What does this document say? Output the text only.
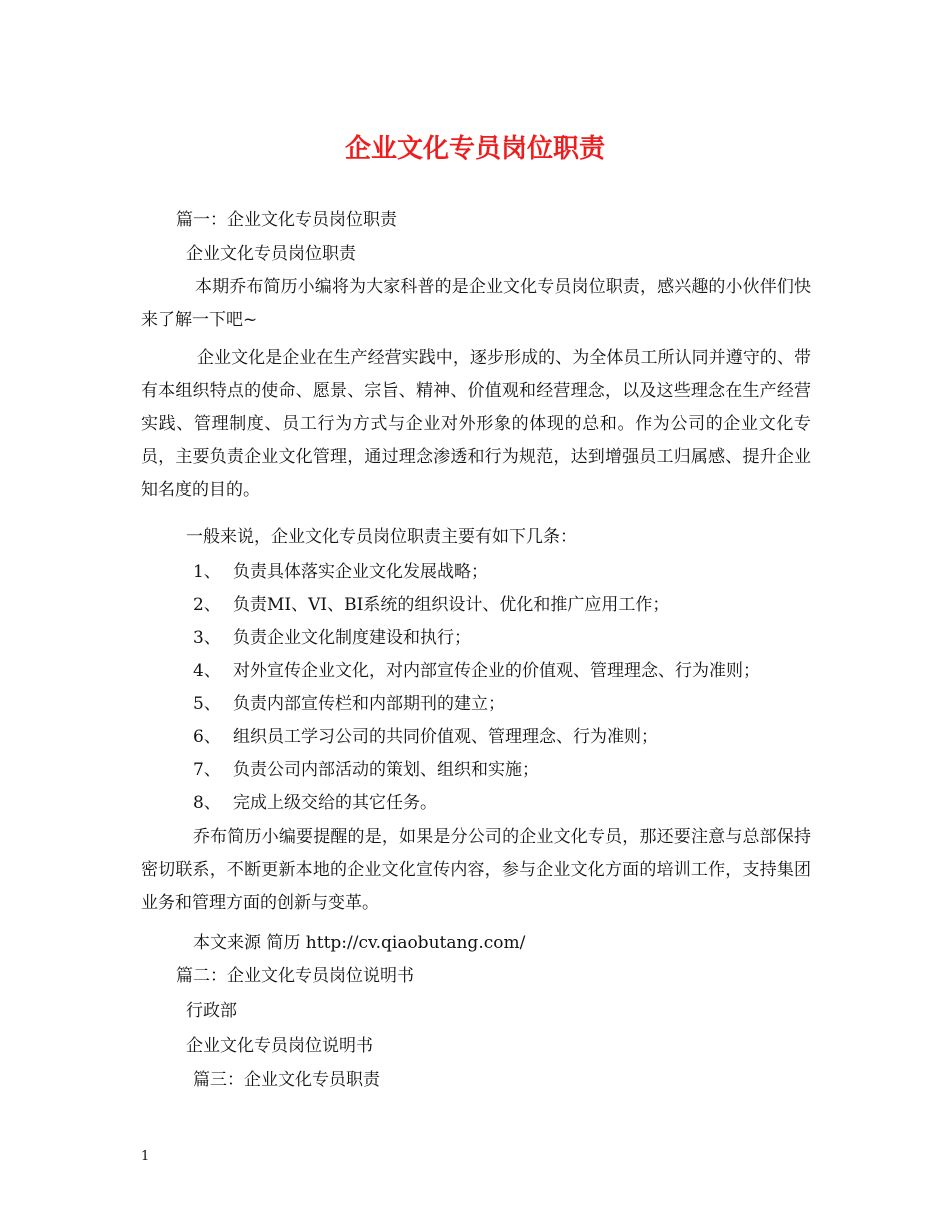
企业文化专员岗位职责
篇一：企业文化专员岗位职责
企业文化专员岗位职责
本期乔布简历小编将为大家科普的是企业文化专员岗位职责，感兴趣的小伙伴们快来了解一下吧~
企业文化是企业在生产经营实践中，逐步形成的、为全体员工所认同并遵守的、带有本组织特点的使命、愿景、宗旨、精神、价值观和经营理念，以及这些理念在生产经营实践、管理制度、员工行为方式与企业对外形象的体现的总和。作为公司的企业文化专员，主要负责企业文化管理，通过理念渗透和行为规范，达到增强员工归属感、提升企业知名度的目的。
一般来说，企业文化专员岗位职责主要有如下几条：
1、 负责具体落实企业文化发展战略；
2、 负责MI、VI、BI系统的组织设计、优化和推广应用工作；
3、 负责企业文化制度建设和执行；
4、 对外宣传企业文化，对内部宣传企业的价值观、管理理念、行为准则；
5、 负责内部宣传栏和内部期刊的建立；
6、 组织员工学习公司的共同价值观、管理理念、行为准则；
7、 负责公司内部活动的策划、组织和实施；
8、 完成上级交给的其它任务。
乔布简历小编要提醒的是，如果是分公司的企业文化专员，那还要注意与总部保持密切联系，不断更新本地的企业文化宣传内容，参与企业文化方面的培训工作，支持集团业务和管理方面的创新与变革。
本文来源 简历 http://cv.qiaobutang.com/
篇二：企业文化专员岗位说明书
行政部
企业文化专员岗位说明书
篇三：企业文化专员职责
1
